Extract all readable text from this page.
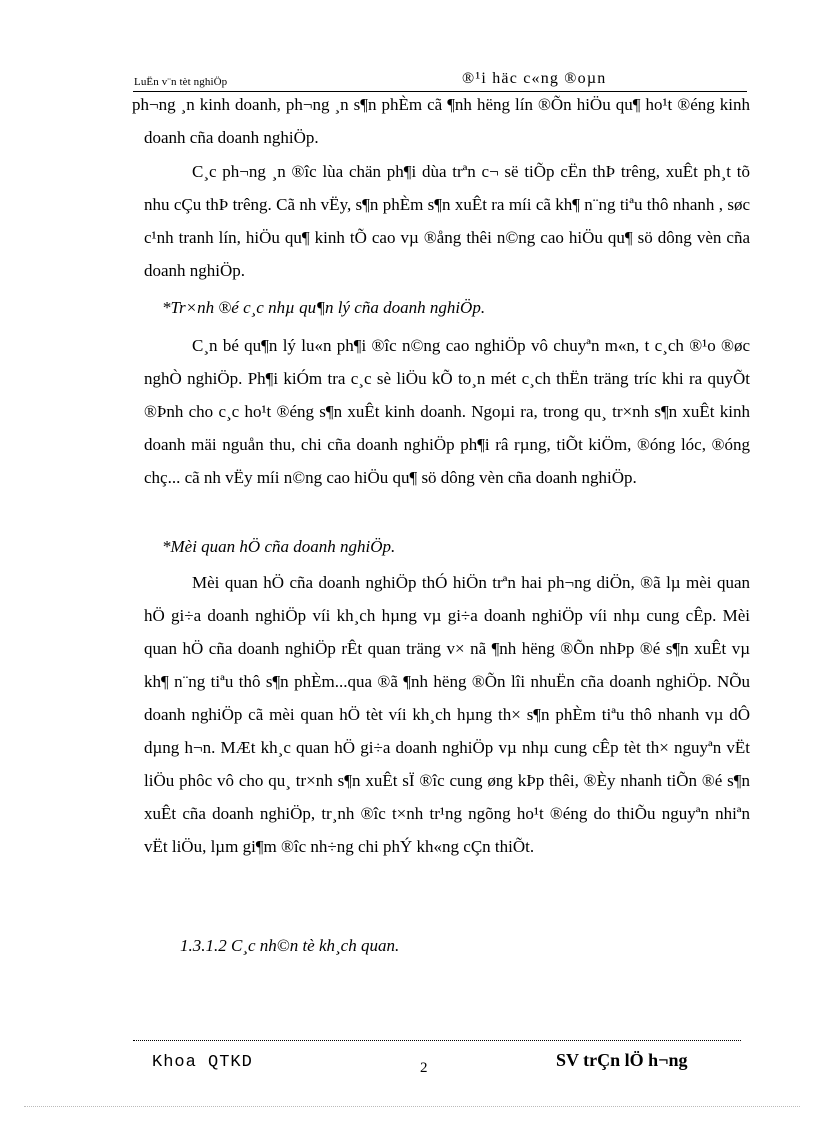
LuËn v¨n tèt nghiÖp	®¹i häc c«ng ®oµn

ph¬ng ¸n kinh doanh, ph¬ng ¸n s¶n phÈm cã ¶nh hëng lín ®Õn hiÖu qu¶ ho¹t ®éng kinh doanh cña doanh nghiÖp.

C¸c ph¬ng ¸n ®îc lùa chän ph¶i dùa trªn c¬ së tiÕp cËn thÞ trêng, xuÊt ph¸t tõ nhu cÇu thÞ trêng. Cã nh vËy, s¶n phÈm s¶n xuÊt ra míi cã kh¶ n¨ng tiªu thô nhanh , søc c¹nh tranh lín, hiÖu qu¶ kinh tÕ cao vµ ®ång thêi n©ng cao hiÖu qu¶ sö dông vèn cña doanh nghiÖp.

*Tr×nh ®é c¸c nhµ qu¶n lý cña doanh nghiÖp.

C¸n bé qu¶n lý lu«n ph¶i ®îc n©ng cao nghiÖp vô chuyªn m«n, t c¸ch ®¹o ®øc nghÒ nghiÖp. Ph¶i kiÓm tra c¸c sè liÖu kÕ to¸n mét c¸ch thËn träng tríc khi ra quyÕt ®Þnh cho c¸c ho¹t ®éng s¶n xuÊt kinh doanh. Ngoµi ra, trong qu¸ tr×nh s¶n xuÊt kinh doanh mäi nguån thu, chi cña doanh nghiÖp ph¶i râ rµng, tiÕt kiÖm, ®óng lóc, ®óng chç... cã nh vËy míi n©ng cao hiÖu qu¶ sö dông vèn cña doanh nghiÖp.

*Mèi quan hÖ cña doanh nghiÖp.

Mèi quan hÖ cña doanh nghiÖp thÓ hiÖn trªn hai ph¬ng diÖn, ®ã lµ mèi quan hÖ gi÷a doanh nghiÖp víi kh¸ch hµng vµ gi÷a doanh nghiÖp víi nhµ cung cÊp. Mèi quan hÖ cña doanh nghiÖp rÊt quan träng v× nã ¶nh hëng ®Õn nhÞp ®é s¶n xuÊt vµ kh¶ n¨ng tiªu thô s¶n phÈm...qua ®ã ¶nh hëng ®Õn lîi nhuËn cña doanh nghiÖp. NÕu doanh nghiÖp cã mèi quan hÖ tèt víi kh¸ch hµng th× s¶n phÈm tiªu thô nhanh vµ dÔ dµng h¬n. MÆt kh¸c quan hÖ gi÷a doanh nghiÖp vµ nhµ cung cÊp tèt th× nguyªn vËt liÖu phôc vô cho qu¸ tr×nh s¶n xuÊt sÏ ®îc cung øng kÞp thêi, ®Èy nhanh tiÕn ®é s¶n xuÊt cña doanh nghiÖp, tr¸nh ®îc t×nh tr¹ng ngõng ho¹t ®éng do thiÕu nguyªn nhiªn vËt liÖu, lµm gi¶m ®îc nh÷ng chi phÝ kh«ng cÇn thiÕt.

1.3.1.2 C¸c nh©n tè kh¸ch quan.

Khoa QTKD	2	SV trÇn lÖ h¬ng
